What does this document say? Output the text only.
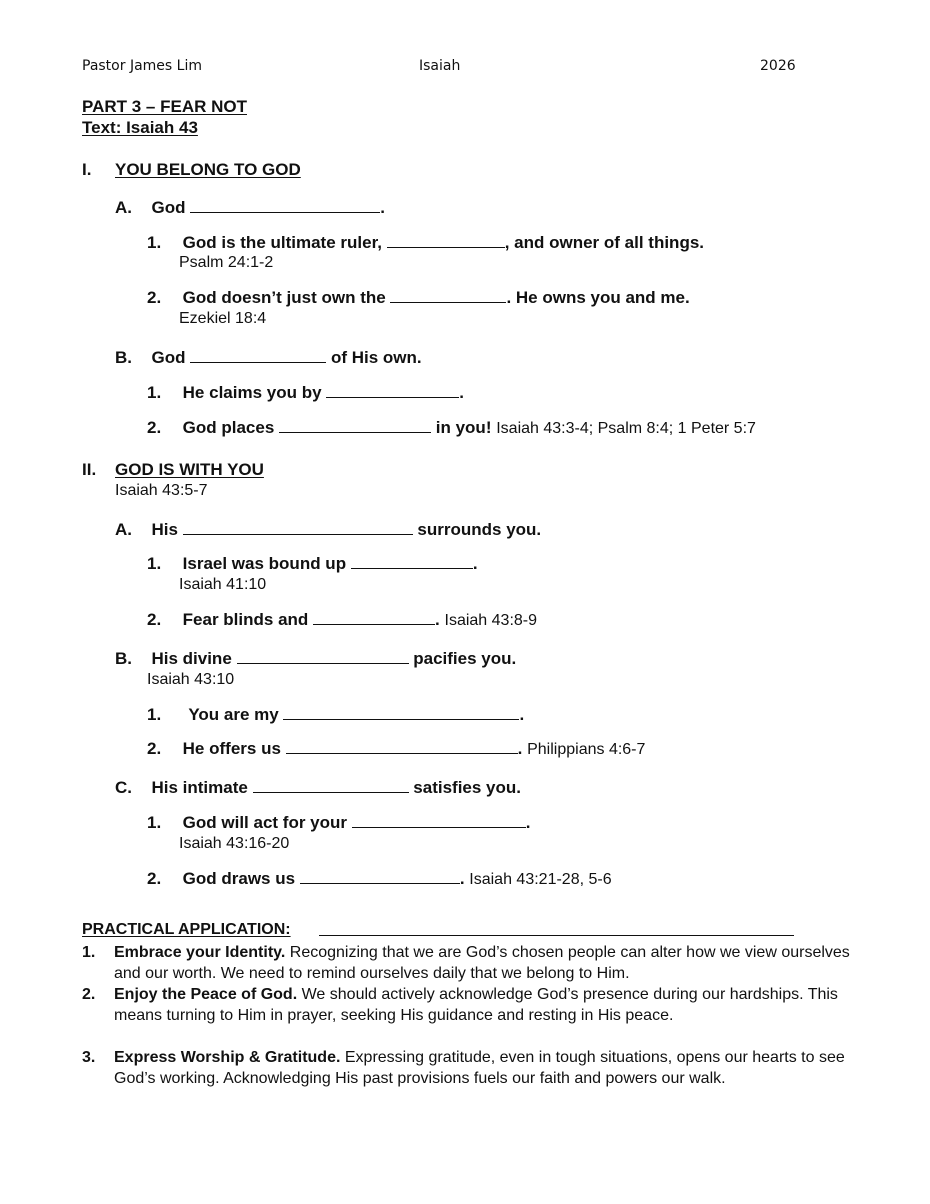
Pastor James Lim	Isaiah	2026
PART 3 – FEAR NOT
Text: Isaiah 43
I. YOU BELONG TO GOD
A. God	.
1. God is the ultimate ruler,	, and owner of all things.
Psalm 24:1-2
2. God doesn’t just own the	. He owns you and me.
Ezekiel 18:4
B. God	of His own.
1. He claims you by	.
2. God places	in you! Isaiah 43:3-4; Psalm 8:4; 1 Peter 5:7
II. GOD IS WITH YOU
Isaiah 43:5-7
A. His	surrounds you.
1. Israel was bound up	.
Isaiah 41:10
2. Fear blinds and	. Isaiah 43:8-9
B. His divine	pacifies you.
Isaiah 43:10
1. You are my	.
2. He offers us	. Philippians 4:6-7
C. His intimate	satisfies you.
1. God will act for your	.
Isaiah 43:16-20
2. God draws us	. Isaiah 43:21-28, 5-6
PRACTICAL APPLICATION:
1. Embrace your Identity. Recognizing that we are God’s chosen people can alter how we view ourselves and our worth. We need to remind ourselves daily that we belong to Him.
2. Enjoy the Peace of God. We should actively acknowledge God’s presence during our hardships. This means turning to Him in prayer, seeking His guidance and resting in His peace.
3. Express Worship & Gratitude. Expressing gratitude, even in tough situations, opens our hearts to see God’s working. Acknowledging His past provisions fuels our faith and powers our walk.
